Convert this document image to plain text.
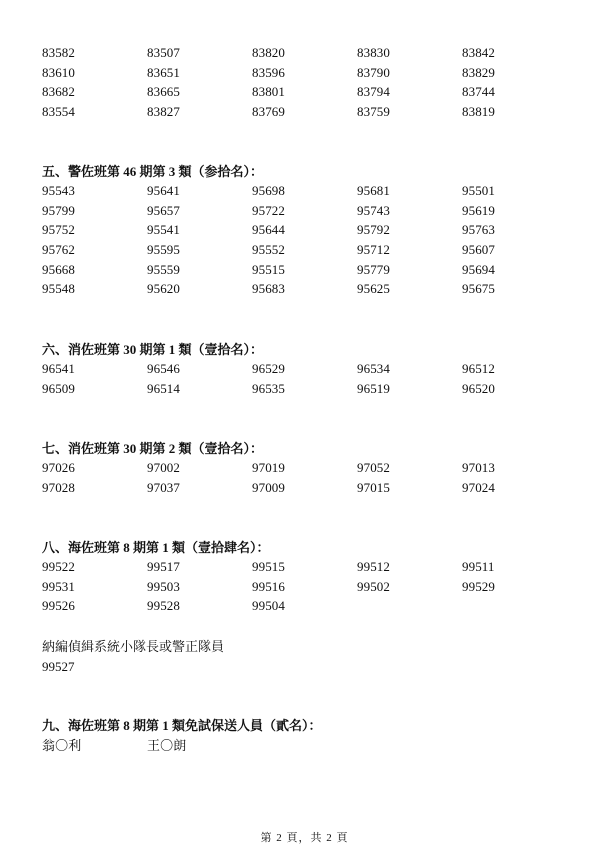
83582	83507	83820	83830	83842
83610	83651	83596	83790	83829
83682	83665	83801	83794	83744
83554	83827	83769	83759	83819
五、警佐班第 46 期第 3 類（参拾名）：
95543	95641	95698	95681	95501
95799	95657	95722	95743	95619
95752	95541	95644	95792	95763
95762	95595	95552	95712	95607
95668	95559	95515	95779	95694
95548	95620	95683	95625	95675
六、消佐班第 30 期第 1 類（壹拾名）：
96541	96546	96529	96534	96512
96509	96514	96535	96519	96520
七、消佐班第 30 期第 2 類（壹拾名）：
97026	97002	97019	97052	97013
97028	97037	97009	97015	97024
八、海佐班第 8 期第 1 類（壹拾肆名）：
99522	99517	99515	99512	99511
99531	99503	99516	99502	99529
99526	99528	99504
納編偵緝系統小隊長或警正隊員
99527
九、海佐班第 8 期第 1 類免試保送人員（貳名）：
翁〇利	王〇朗
第 2 頁，共 2 頁
